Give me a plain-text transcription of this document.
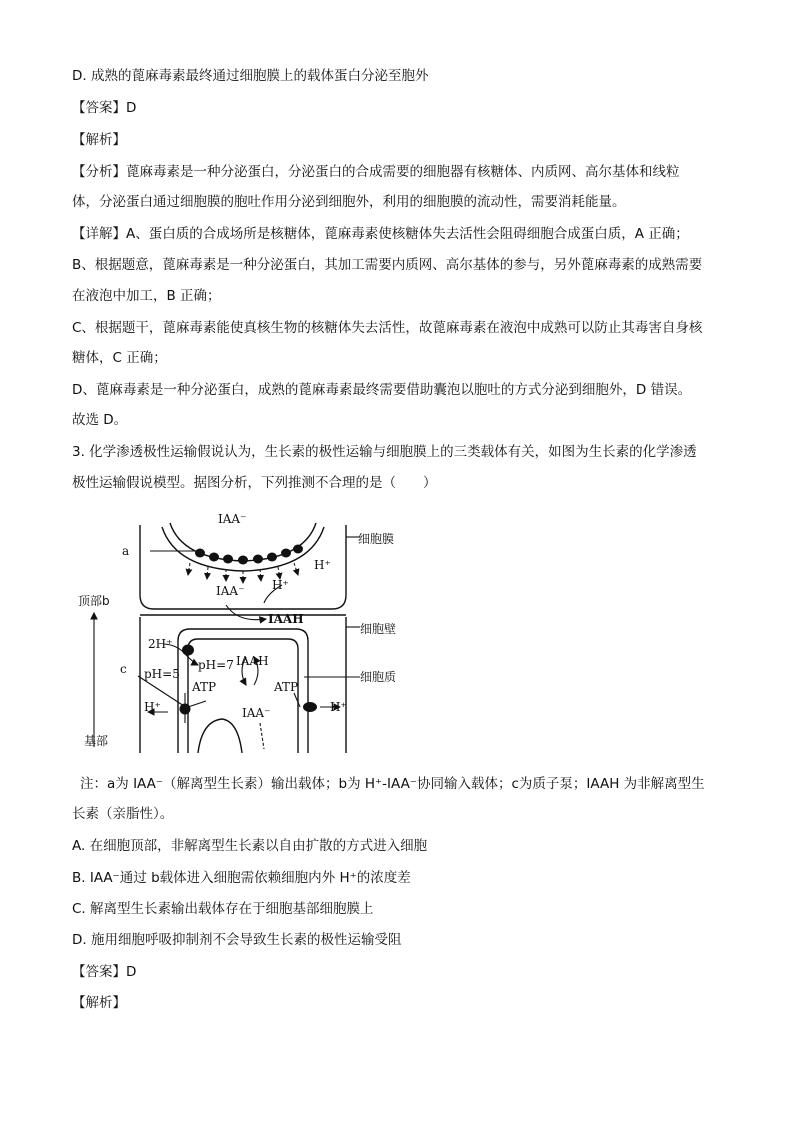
D. 成熟的蓖麻毒素最终通过细胞膜上的载体蛋白分泌至胞外
【答案】D
【解析】
【分析】蓖麻毒素是一种分泌蛋白，分泌蛋白的合成需要的细胞器有核糖体、内质网、高尔基体和线粒
体，分泌蛋白通过细胞膜的胞吐作用分泌到细胞外，利用的细胞膜的流动性，需要消耗能量。
【详解】A、蛋白质的合成场所是核糖体，蓖麻毒素使核糖体失去活性会阻碍细胞合成蛋白质，A 正确；
B、根据题意，蓖麻毒素是一种分泌蛋白，其加工需要内质网、高尔基体的参与，另外蓖麻毒素的成熟需要
在液泡中加工，B 正确；
C、根据题干，蓖麻毒素能使真核生物的核糖体失去活性，故蓖麻毒素在液泡中成熟可以防止其毒害自身核
糖体，C 正确；
D、蓖麻毒素是一种分泌蛋白，成熟的蓖麻毒素最终需要借助囊泡以胞吐的方式分泌到细胞外，D 错误。
故选 D。
3. 化学渗透极性运输假说认为，生长素的极性运输与细胞膜上的三类载体有关，如图为生长素的化学渗透
极性运输假说模型。据图分析，下列推测不合理的是（　　）
IAA⁻
a
细胞膜
H⁺
顶部b
IAA⁻ H⁺
IAAH
细胞壁
2H⁺
pH=7 IAAH
c pH=5	细胞质
ATP	ATP
H⁺	IAA⁻	H⁺
基部
注：a为 IAA⁻（解离型生长素）输出载体；b为 H⁺-IAA⁻协同输入载体；c为质子泵；IAAH 为非解离型生
长素（亲脂性）。
A. 在细胞顶部，非解离型生长素以自由扩散的方式进入细胞
B. IAA⁻通过 b载体进入细胞需依赖细胞内外 H⁺的浓度差
C. 解离型生长素输出载体存在于细胞基部细胞膜上
D. 施用细胞呼吸抑制剂不会导致生长素的极性运输受阻
【答案】D
【解析】
